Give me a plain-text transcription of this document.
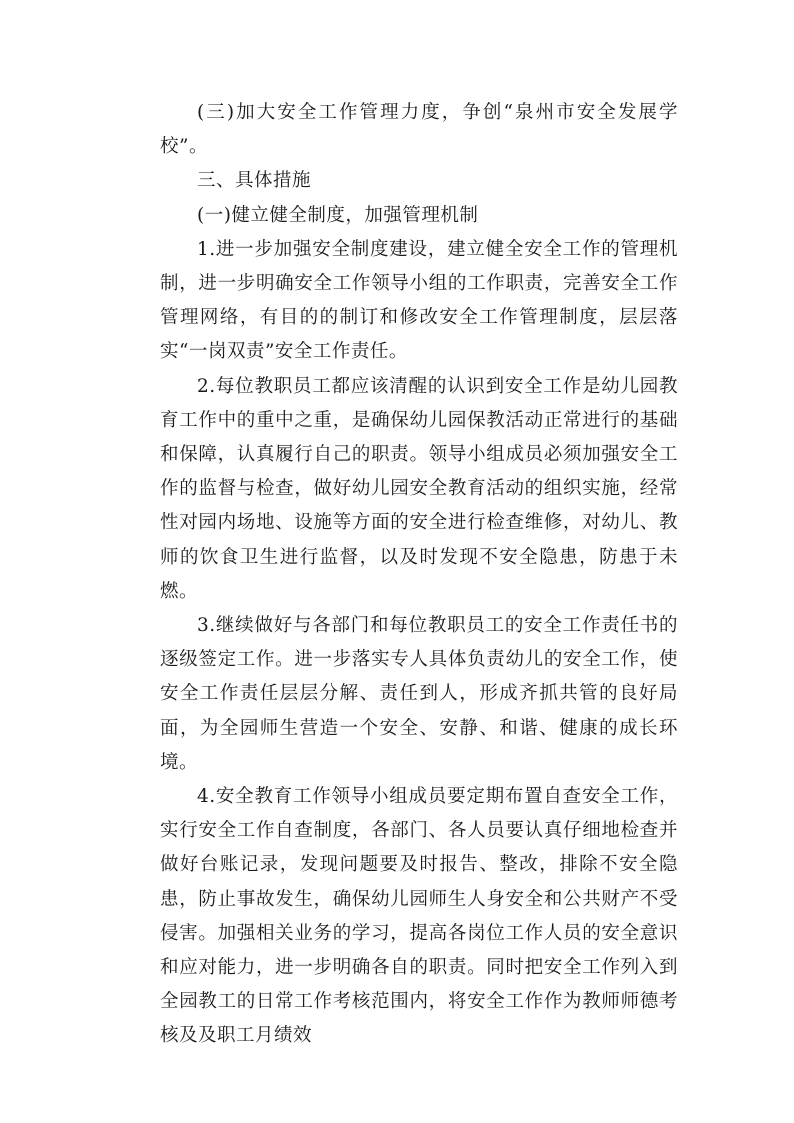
(三)加大安全工作管理力度，争创“泉州市安全发展学校”。

三、具体措施

(一)健立健全制度，加强管理机制

1.进一步加强安全制度建设，建立健全安全工作的管理机制，进一步明确安全工作领导小组的工作职责，完善安全工作管理网络，有目的的制订和修改安全工作管理制度，层层落实“一岗双责”安全工作责任。

2.每位教职员工都应该清醒的认识到安全工作是幼儿园教育工作中的重中之重，是确保幼儿园保教活动正常进行的基础和保障，认真履行自己的职责。领导小组成员必须加强安全工作的监督与检查，做好幼儿园安全教育活动的组织实施，经常性对园内场地、设施等方面的安全进行检查维修，对幼儿、教师的饮食卫生进行监督，以及时发现不安全隐患，防患于未燃。

3.继续做好与各部门和每位教职员工的安全工作责任书的逐级签定工作。进一步落实专人具体负责幼儿的安全工作，使安全工作责任层层分解、责任到人，形成齐抓共管的良好局面，为全园师生营造一个安全、安静、和谐、健康的成长环境。

4.安全教育工作领导小组成员要定期布置自查安全工作，实行安全工作自查制度，各部门、各人员要认真仔细地检查并做好台账记录，发现问题要及时报告、整改，排除不安全隐患，防止事故发生，确保幼儿园师生人身安全和公共财产不受侵害。加强相关业务的学习，提高各岗位工作人员的安全意识和应对能力，进一步明确各自的职责。同时把安全工作列入到全园教工的日常工作考核范围内，将安全工作作为教师师德考核及及职工月绩效
